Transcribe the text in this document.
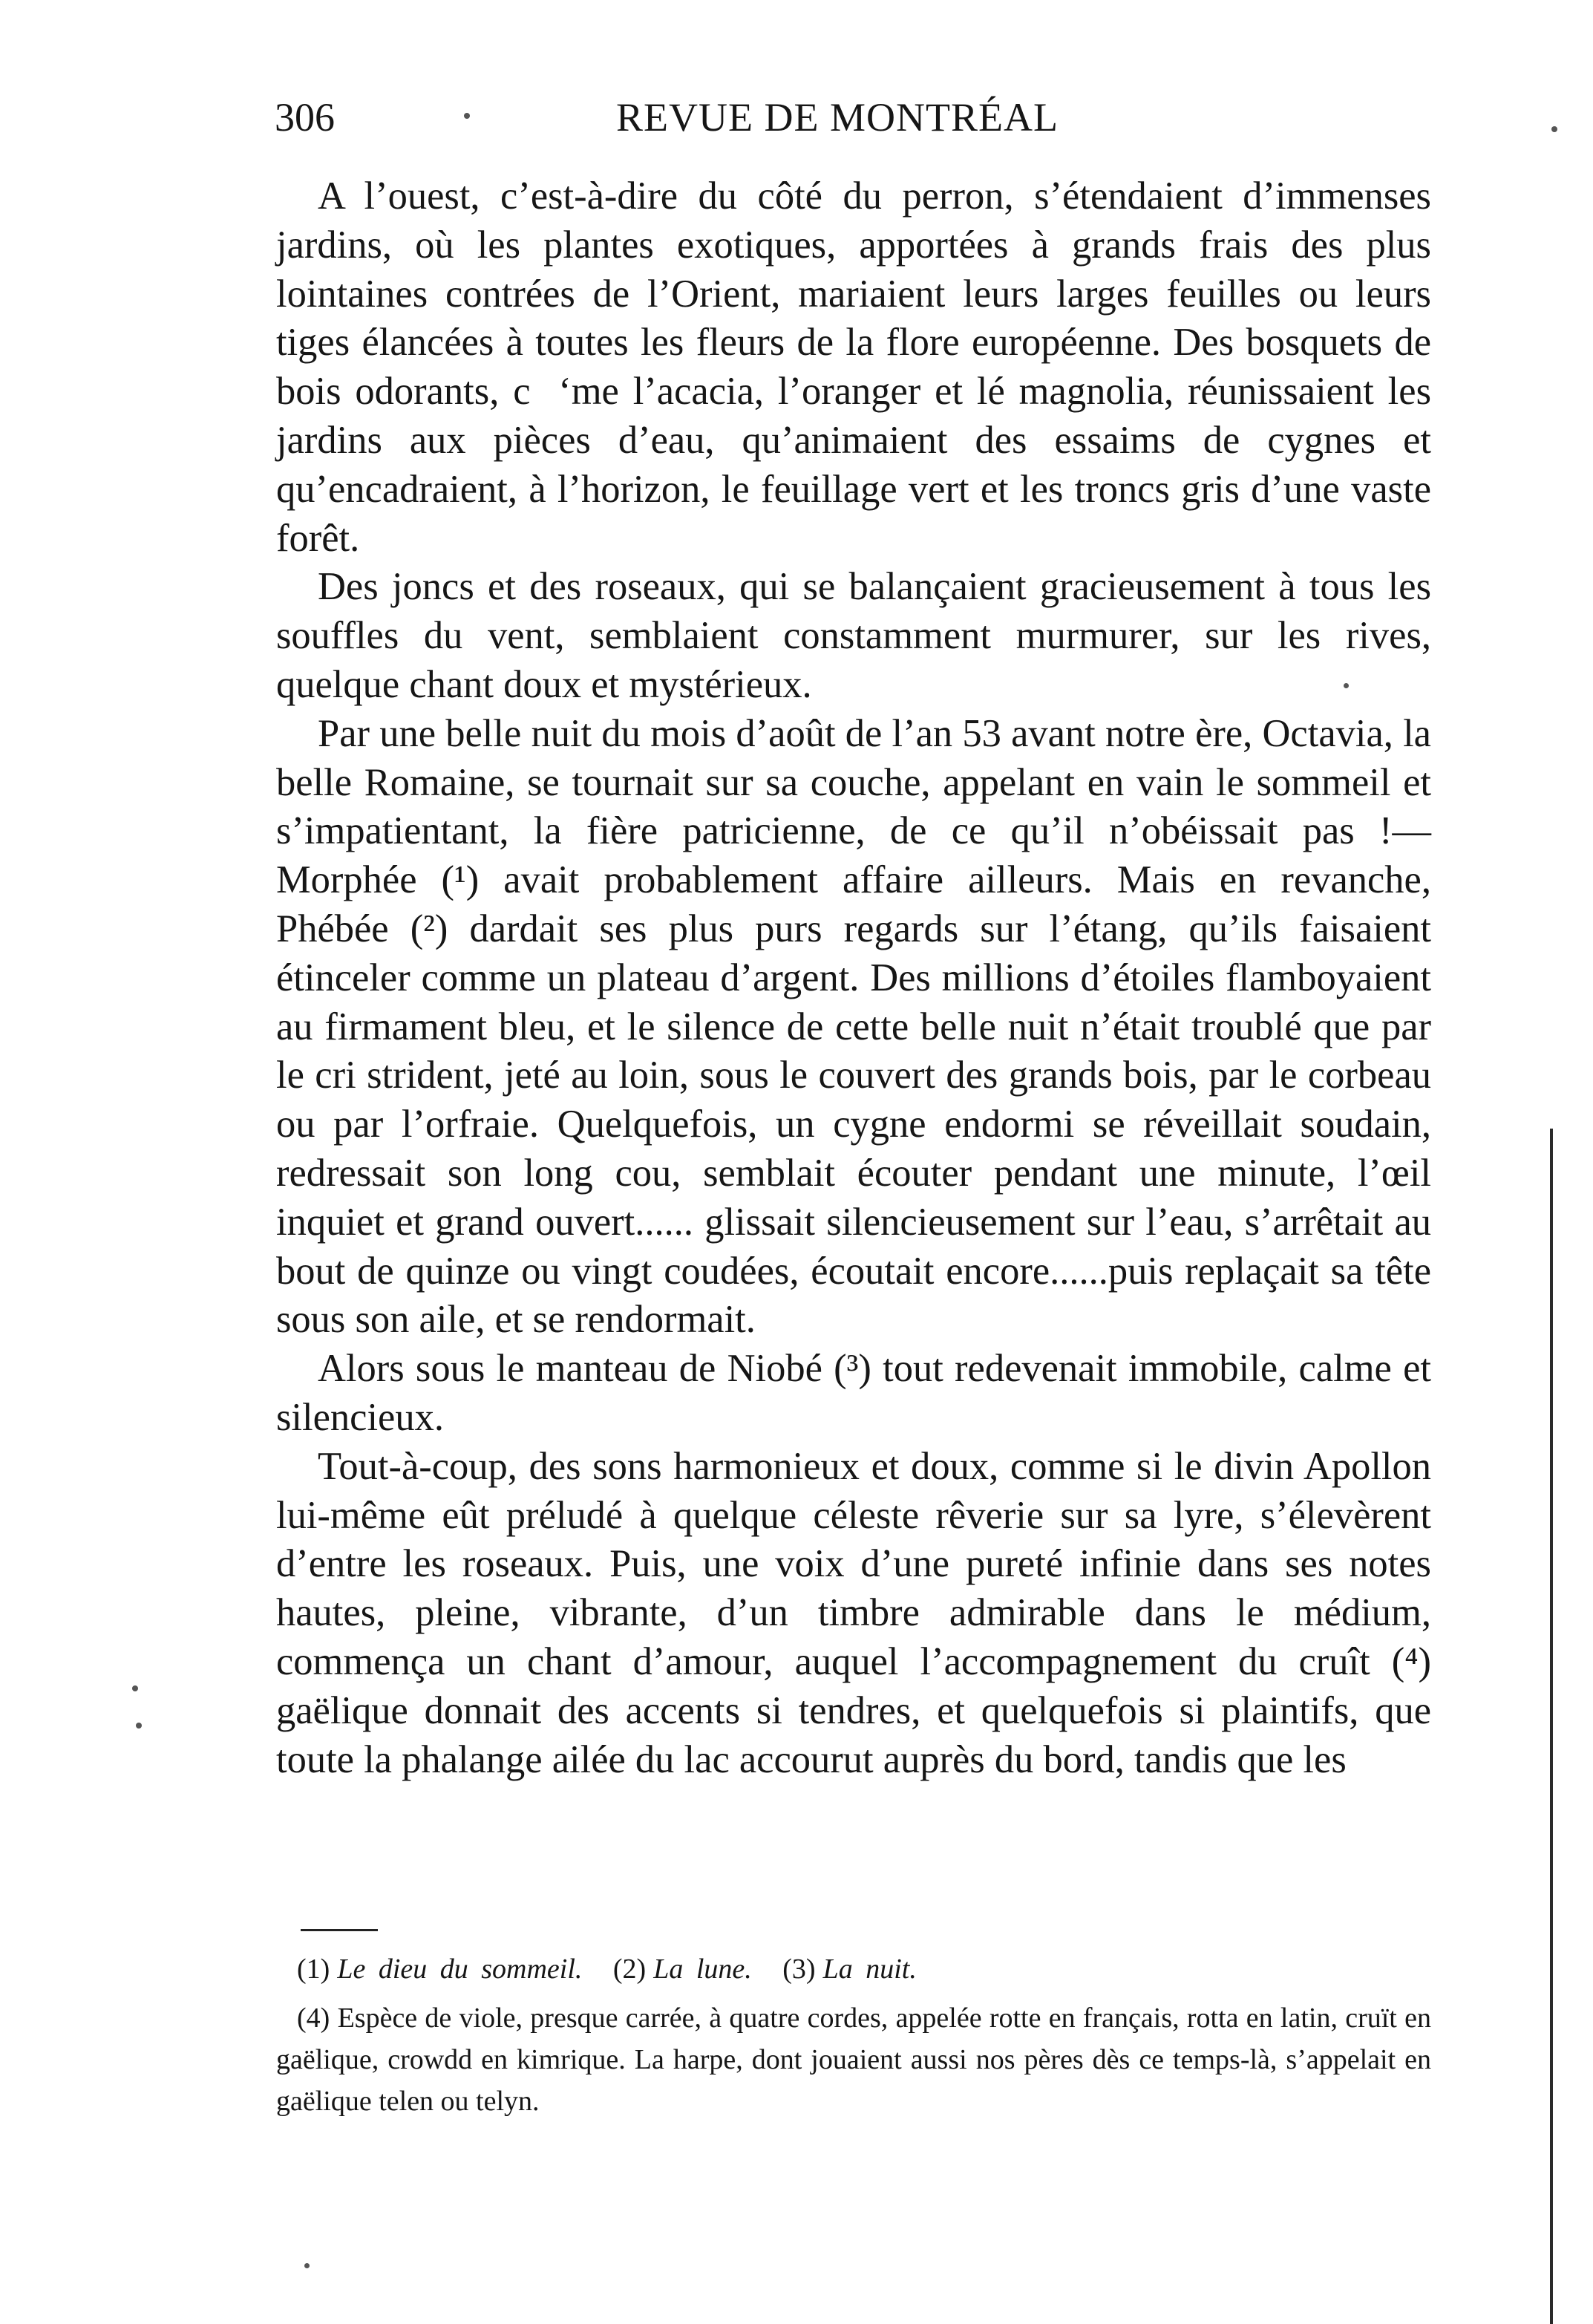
306	REVUE DE MONTRÉAL

A l’ouest, c’est-à-dire du côté du perron, s’étendaient d’immenses jardins, où les plantes exotiques, apportées à grands frais des plus lointaines contrées de l’Orient, mariaient leurs larges feuilles ou leurs tiges élancées à toutes les fleurs de la flore européenne. Des bosquets de bois odorants, c  ‘me l’acacia, l’oranger et lé magnolia, réunissaient les jardins aux pièces d’eau, qu’animaient des essaims de cygnes et qu’encadraient, à l’horizon, le feuillage vert et les troncs gris d’une vaste forêt.

Des joncs et des roseaux, qui se balançaient gracieusement à tous les souffles du vent, semblaient constamment murmurer, sur les rives, quelque chant doux et mystérieux.

Par une belle nuit du mois d’août de l’an 53 avant notre ère, Octavia, la belle Romaine, se tournait sur sa couche, appelant en vain le sommeil et s’impatientant, la fière patricienne, de ce qu’il n’obéissait pas !—Morphée (¹) avait probablement affaire ailleurs. Mais en revanche, Phébée (²) dardait ses plus purs regards sur l’étang, qu’ils faisaient étinceler comme un plateau d’argent. Des millions d’étoiles flamboyaient au firmament bleu, et le silence de cette belle nuit n’était troublé que par le cri strident, jeté au loin, sous le couvert des grands bois, par le corbeau ou par l’orfraie. Quelquefois, un cygne endormi se réveillait soudain, redressait son long cou, semblait écouter pendant une minute, l’œil inquiet et grand ouvert...... glissait silencieusement sur l’eau, s’arrêtait au bout de quinze ou vingt coudées, écoutait encore......puis replaçait sa tête sous son aile, et se rendormait.

Alors sous le manteau de Niobé (³) tout redevenait immobile, calme et silencieux.

Tout-à-coup, des sons harmonieux et doux, comme si le divin Apollon lui-même eût préludé à quelque céleste rêverie sur sa lyre, s’élevèrent d’entre les roseaux. Puis, une voix d’une pureté infinie dans ses notes hautes, pleine, vibrante, d’un timbre admirable dans le médium, commença un chant d’amour, auquel l’accompagnement du cruît (⁴) gaëlique donnait des accents si tendres, et quelquefois si plaintifs, que toute la phalange ailée du lac accourut auprès du bord, tandis que les

(1) Le dieu du sommeil. (2) La lune. (3) La nuit.

(4) Espèce de viole, presque carrée, à quatre cordes, appelée rotte en français, rotta en latin, cruït en gaëlique, crowdd en kimrique. La harpe, dont jouaient aussi nos pères dès ce temps-là, s’appelait en gaëlique telen ou telyn.
